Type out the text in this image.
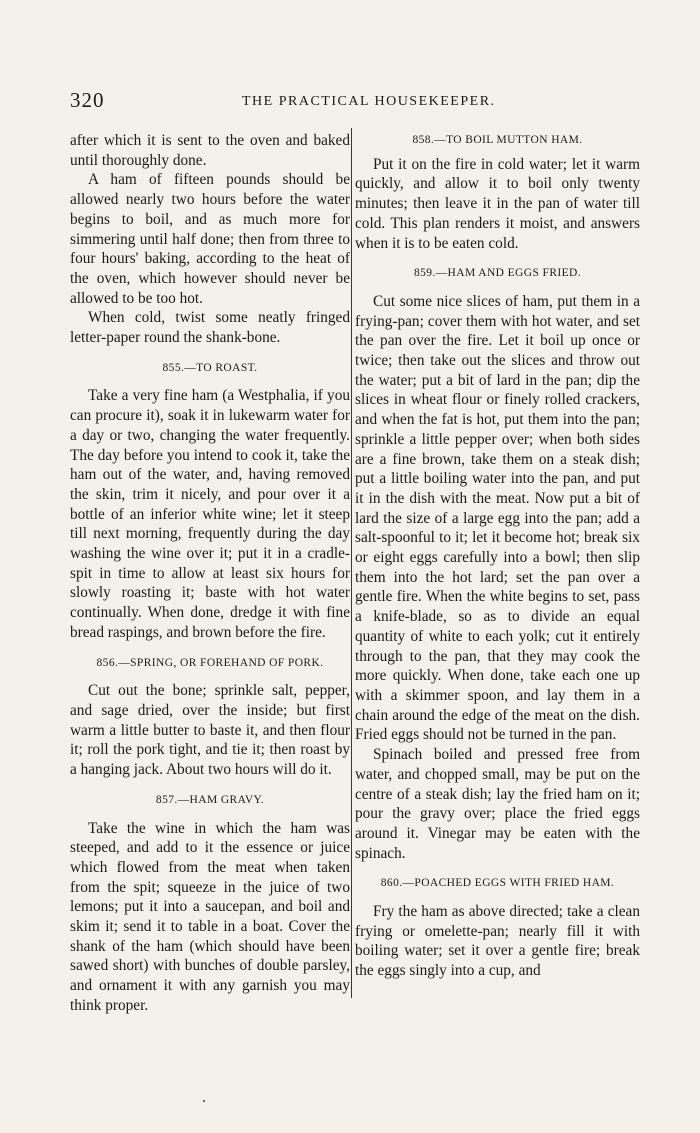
320	THE PRACTICAL HOUSEKEEPER.

after which it is sent to the oven and baked until thoroughly done.

A ham of fifteen pounds should be allowed nearly two hours before the water begins to boil, and as much more for simmering until half done; then from three to four hours' baking, according to the heat of the oven, which however should never be allowed to be too hot.

When cold, twist some neatly fringed letter-paper round the shank-bone.

855.—TO ROAST.

Take a very fine ham (a Westphalia, if you can procure it), soak it in lukewarm water for a day or two, changing the water frequently. The day before you intend to cook it, take the ham out of the water, and, having removed the skin, trim it nicely, and pour over it a bottle of an inferior white wine; let it steep till next morning, frequently during the day washing the wine over it; put it in a cradle-spit in time to allow at least six hours for slowly roasting it; baste with hot water continually. When done, dredge it with fine bread raspings, and brown before the fire.

856.—SPRING, OR FOREHAND OF PORK.

Cut out the bone; sprinkle salt, pepper, and sage dried, over the inside; but first warm a little butter to baste it, and then flour it; roll the pork tight, and tie it; then roast by a hanging jack. About two hours will do it.

857.—HAM GRAVY.

Take the wine in which the ham was steeped, and add to it the essence or juice which flowed from the meat when taken from the spit; squeeze in the juice of two lemons; put it into a saucepan, and boil and skim it; send it to table in a boat. Cover the shank of the ham (which should have been sawed short) with bunches of double parsley, and ornament it with any garnish you may think proper.

858.—TO BOIL MUTTON HAM.

Put it on the fire in cold water; let it warm quickly, and allow it to boil only twenty minutes; then leave it in the pan of water till cold. This plan renders it moist, and answers when it is to be eaten cold.

859.—HAM AND EGGS FRIED.

Cut some nice slices of ham, put them in a frying-pan; cover them with hot water, and set the pan over the fire. Let it boil up once or twice; then take out the slices and throw out the water; put a bit of lard in the pan; dip the slices in wheat flour or finely rolled crackers, and when the fat is hot, put them into the pan; sprinkle a little pepper over; when both sides are a fine brown, take them on a steak dish; put a little boiling water into the pan, and put it in the dish with the meat. Now put a bit of lard the size of a large egg into the pan; add a salt-spoonful to it; let it become hot; break six or eight eggs carefully into a bowl; then slip them into the hot lard; set the pan over a gentle fire. When the white begins to set, pass a knife-blade, so as to divide an equal quantity of white to each yolk; cut it entirely through to the pan, that they may cook the more quickly. When done, take each one up with a skimmer spoon, and lay them in a chain around the edge of the meat on the dish. Fried eggs should not be turned in the pan.

Spinach boiled and pressed free from water, and chopped small, may be put on the centre of a steak dish; lay the fried ham on it; pour the gravy over; place the fried eggs around it. Vinegar may be eaten with the spinach.

860.—POACHED EGGS WITH FRIED HAM.

Fry the ham as above directed; take a clean frying or omelette-pan; nearly fill it with boiling water; set it over a gentle fire; break the eggs singly into a cup, and
